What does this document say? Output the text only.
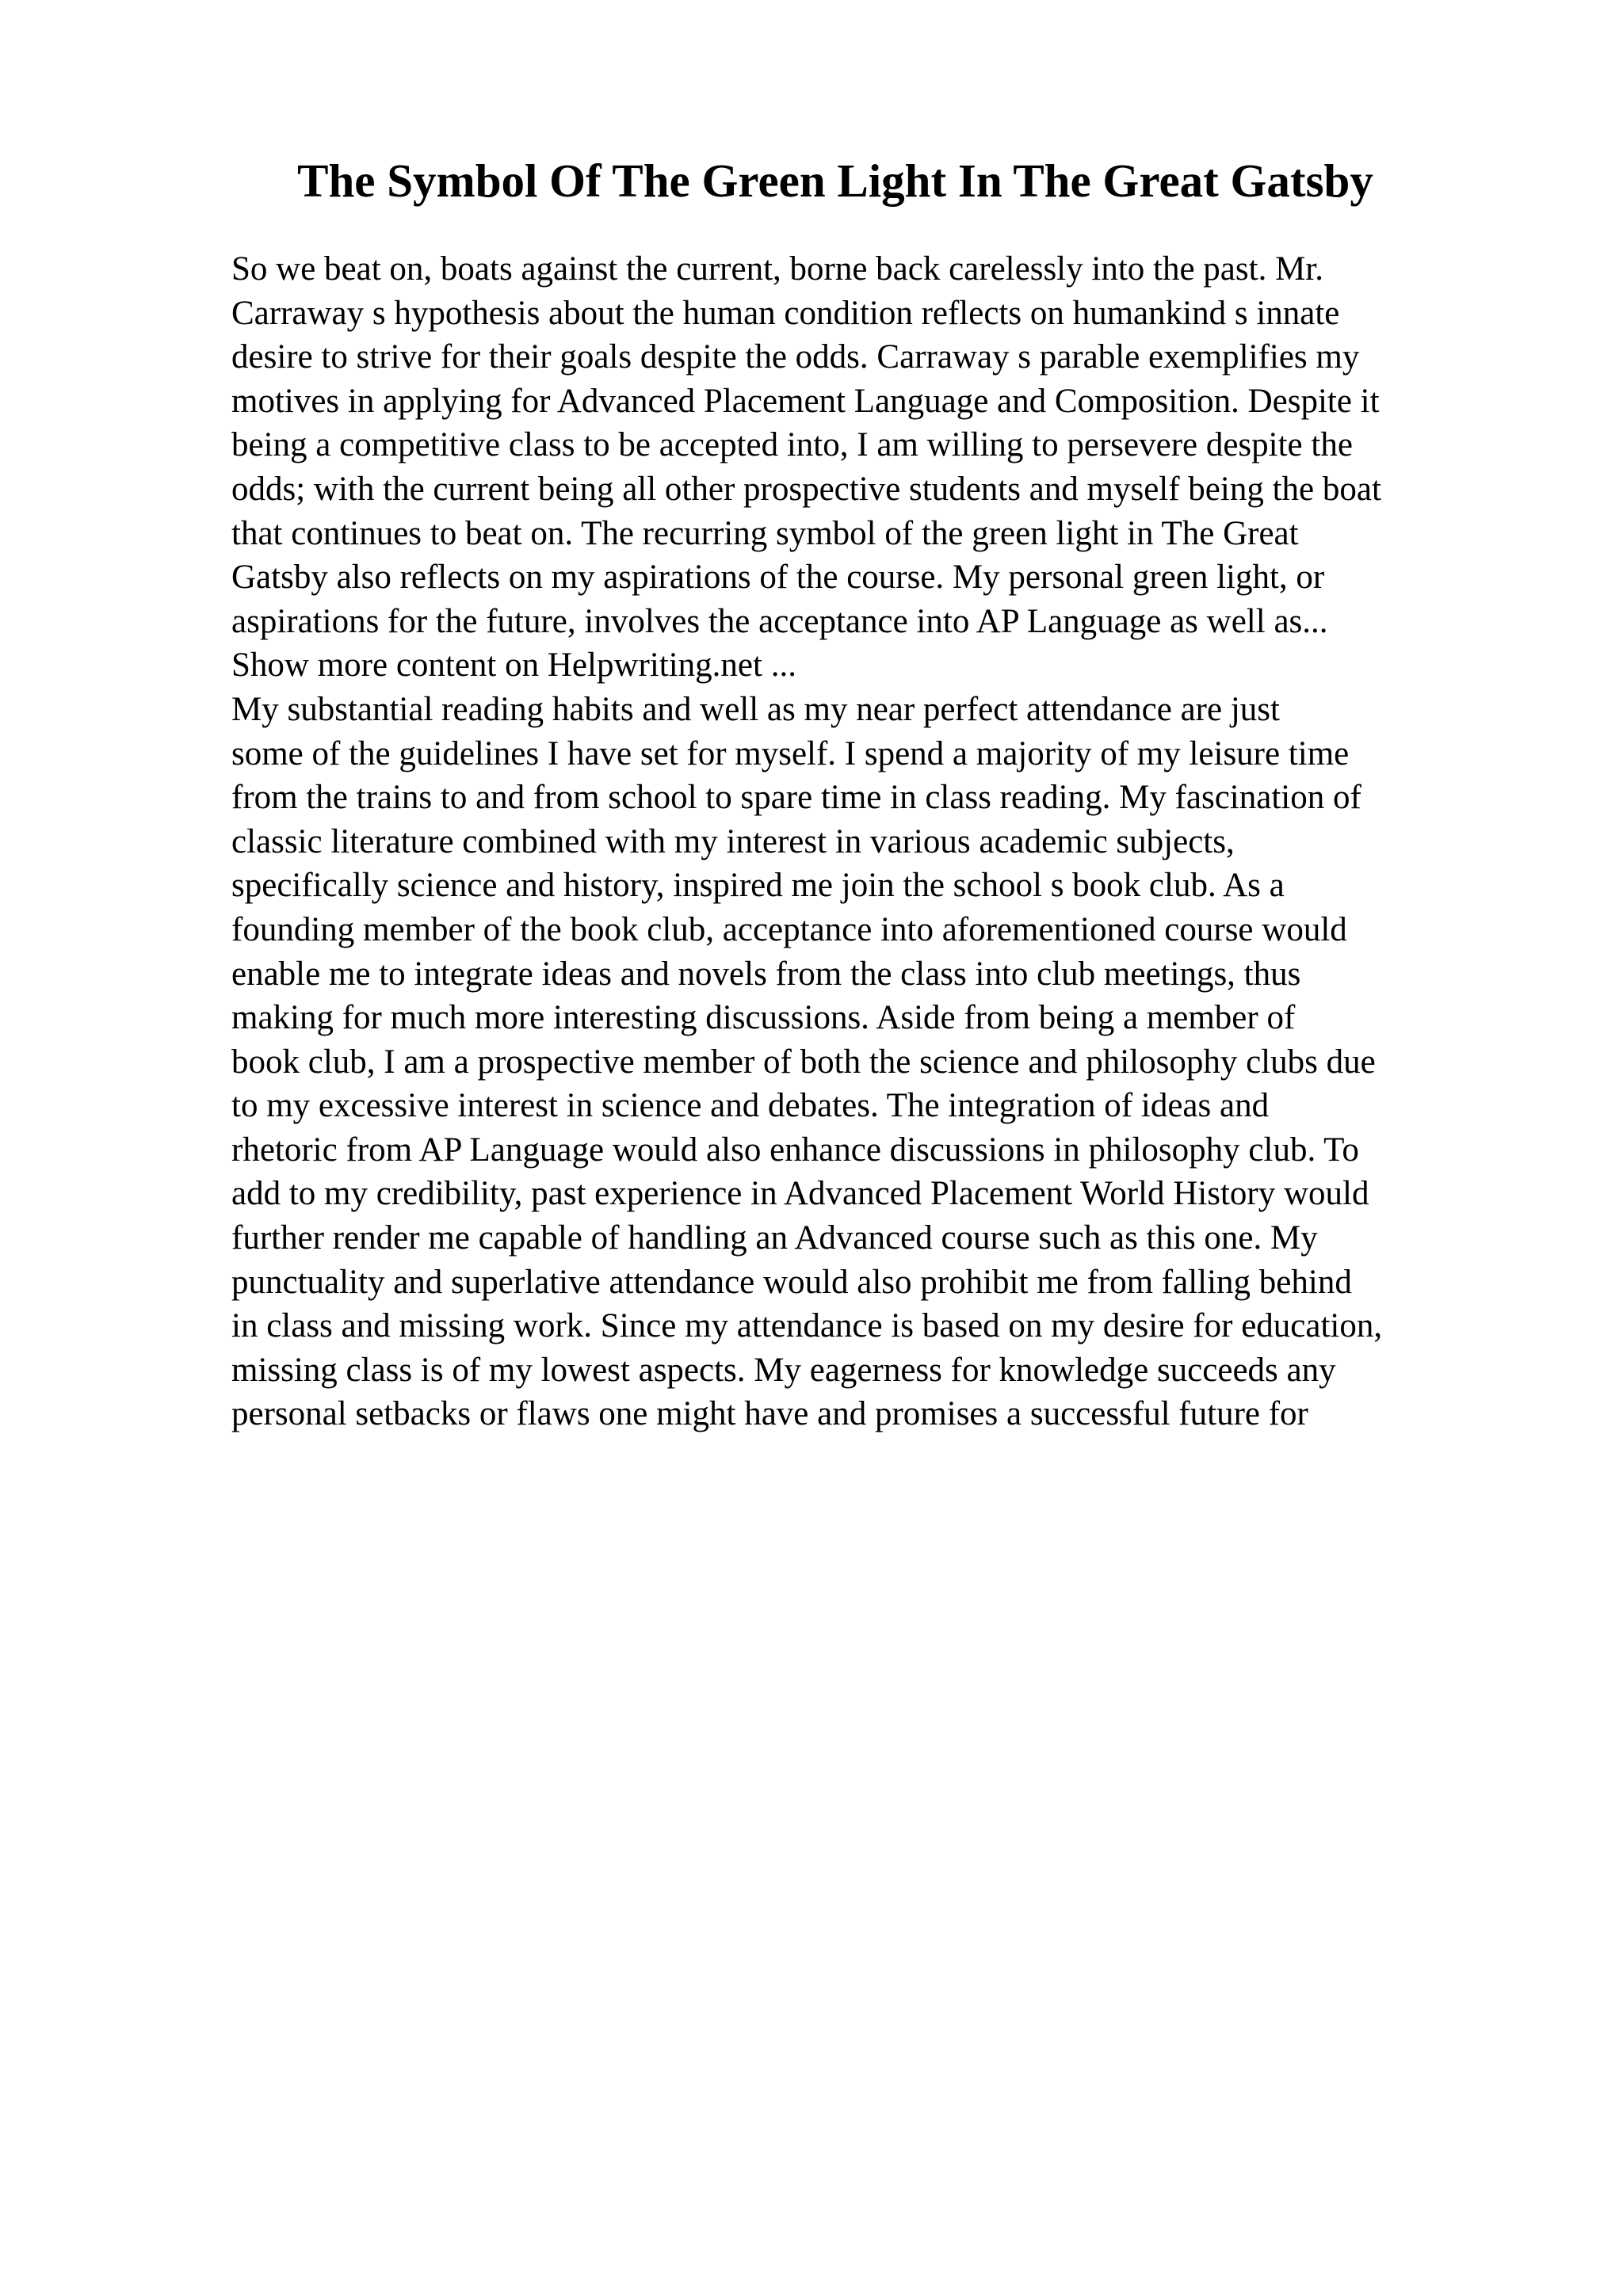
The Symbol Of The Green Light In The Great Gatsby
So we beat on, boats against the current, borne back carelessly into the past. Mr.
Carraway s hypothesis about the human condition reflects on humankind s innate
desire to strive for their goals despite the odds. Carraway s parable exemplifies my
motives in applying for Advanced Placement Language and Composition. Despite it
being a competitive class to be accepted into, I am willing to persevere despite the
odds; with the current being all other prospective students and myself being the boat
that continues to beat on. The recurring symbol of the green light in The Great
Gatsby also reflects on my aspirations of the course. My personal green light, or
aspirations for the future, involves the acceptance into AP Language as well as...
Show more content on Helpwriting.net ...
My substantial reading habits and well as my near perfect attendance are just
some of the guidelines I have set for myself. I spend a majority of my leisure time
from the trains to and from school to spare time in class reading. My fascination of
classic literature combined with my interest in various academic subjects,
specifically science and history, inspired me join the school s book club. As a
founding member of the book club, acceptance into aforementioned course would
enable me to integrate ideas and novels from the class into club meetings, thus
making for much more interesting discussions. Aside from being a member of
book club, I am a prospective member of both the science and philosophy clubs due
to my excessive interest in science and debates. The integration of ideas and
rhetoric from AP Language would also enhance discussions in philosophy club. To
add to my credibility, past experience in Advanced Placement World History would
further render me capable of handling an Advanced course such as this one. My
punctuality and superlative attendance would also prohibit me from falling behind
in class and missing work. Since my attendance is based on my desire for education,
missing class is of my lowest aspects. My eagerness for knowledge succeeds any
personal setbacks or flaws one might have and promises a successful future for
